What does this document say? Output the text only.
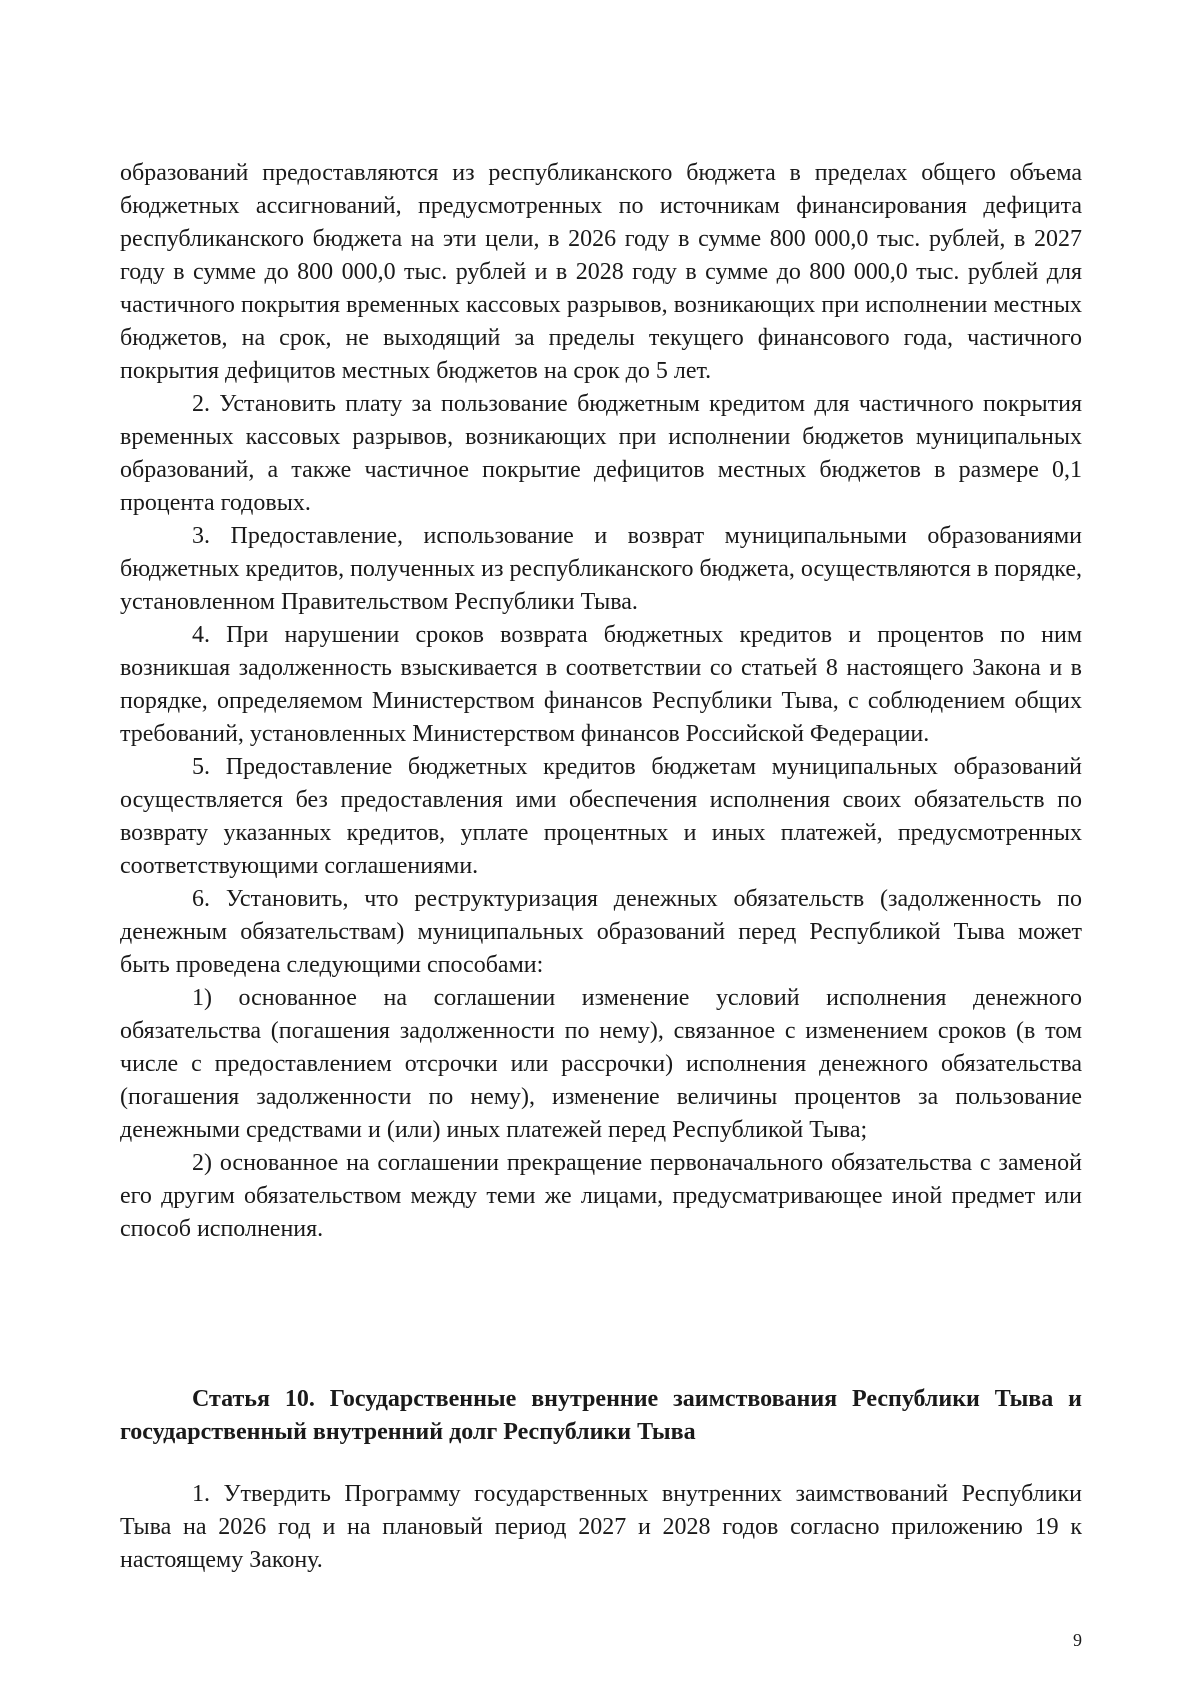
образований предоставляются из республиканского бюджета в пределах общего объема бюджетных ассигнований, предусмотренных по источникам финансирования дефицита республиканского бюджета на эти цели, в 2026 году в сумме 800 000,0 тыс. рублей, в 2027 году в сумме до 800 000,0 тыс. рублей и в 2028 году в сумме до 800 000,0 тыс. рублей для частичного покрытия временных кассовых разрывов, возникающих при исполнении местных бюджетов, на срок, не выходящий за пределы текущего финансового года, частичного покрытия дефицитов местных бюджетов на срок до 5 лет.

2. Установить плату за пользование бюджетным кредитом для частичного покрытия временных кассовых разрывов, возникающих при исполнении бюджетов муниципальных образований, а также частичное покрытие дефицитов местных бюджетов в размере 0,1 процента годовых.

3. Предоставление, использование и возврат муниципальными образованиями бюджетных кредитов, полученных из республиканского бюджета, осуществляются в порядке, установленном Правительством Республики Тыва.

4. При нарушении сроков возврата бюджетных кредитов и процентов по ним возникшая задолженность взыскивается в соответствии со статьей 8 настоящего Закона и в порядке, определяемом Министерством финансов Республики Тыва, с соблюдением общих требований, установленных Министерством финансов Российской Федерации.

5. Предоставление бюджетных кредитов бюджетам муниципальных образований осуществляется без предоставления ими обеспечения исполнения своих обязательств по возврату указанных кредитов, уплате процентных и иных платежей, предусмотренных соответствующими соглашениями.

6. Установить, что реструктуризация денежных обязательств (задолженность по денежным обязательствам) муниципальных образований перед Республикой Тыва может быть проведена следующими способами:

1) основанное на соглашении изменение условий исполнения денежного обязательства (погашения задолженности по нему), связанное с изменением сроков (в том числе с предоставлением отсрочки или рассрочки) исполнения денежного обязательства (погашения задолженности по нему), изменение величины процентов за пользование денежными средствами и (или) иных платежей перед Республикой Тыва;

2) основанное на соглашении прекращение первоначального обязательства с заменой его другим обязательством между теми же лицами, предусматривающее иной предмет или способ исполнения.

Статья 10. Государственные внутренние заимствования Республики Тыва и государственный внутренний долг Республики Тыва

1. Утвердить Программу государственных внутренних заимствований Республики Тыва на 2026 год и на плановый период 2027 и 2028 годов согласно приложению 19 к настоящему Закону.

9
